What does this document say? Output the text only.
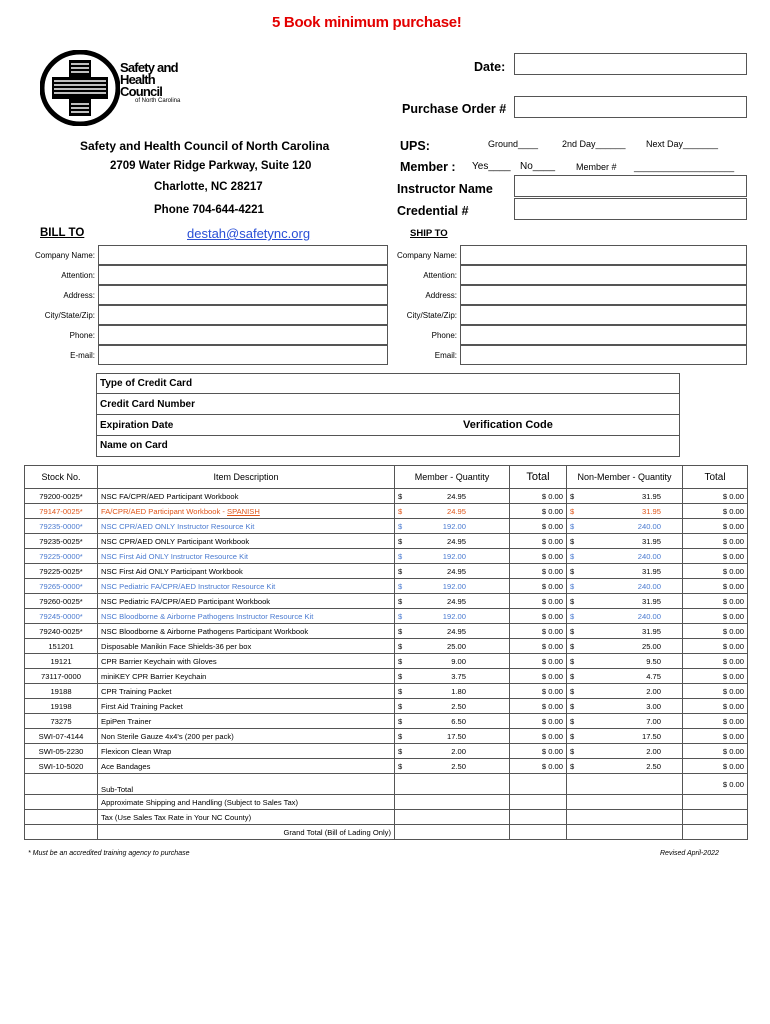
5 Book minimum purchase!
Safety and
Health
Council
of North Carolina
Date:
Purchase Order #
Safety and Health Council of North Carolina
2709 Water Ridge Parkway, Suite 120
Charlotte, NC 28217
Phone 704-644-4221
destah@safetync.org
UPS:	Ground____	2nd Day______ Next Day_______
Member : Yes____ No____ Member # ____________________
Instructor Name
Credential #
BILL TO	SHIP TO
Company Name:
Attention:
Address:
City/State/Zip:
Phone:
E-mail:
Company Name:
Attention:
Address:
City/State/Zip:
Phone:
Email:
Type of Credit Card
Credit Card Number
Expiration Date	Verification Code
Name on Card
Stock No.	Item Description	Member - Quantity	Total	Non-Member - Quantity	Total
79200-0025*	NSC FA/CPR/AED Participant Workbook	$ 24.95	$ 0.00	$ 31.95	$ 0.00
79147-0025*	FA/CPR/AED Participant Workbook - SPANISH	$ 24.95	$ 0.00	$ 31.95	$ 0.00
79235-0000*	NSC CPR/AED ONLY Instructor Resource Kit	$ 192.00	$ 0.00	$ 240.00	$ 0.00
79235-0025*	NSC CPR/AED ONLY Participant Workbook	$ 24.95	$ 0.00	$ 31.95	$ 0.00
79225-0000*	NSC First Aid ONLY Instructor Resource Kit	$ 192.00	$ 0.00	$ 240.00	$ 0.00
79225-0025*	NSC First Aid ONLY Participant Workbook	$ 24.95	$ 0.00	$ 31.95	$ 0.00
79265-0000*	NSC Pediatric FA/CPR/AED Instructor Resource Kit	$ 192.00	$ 0.00	$ 240.00	$ 0.00
79260-0025*	NSC Pediatric FA/CPR/AED Participant Workbook	$ 24.95	$ 0.00	$ 31.95	$ 0.00
79245-0000*	NSC Bloodborne & Airborne Pathogens Instructor Resource Kit	$ 192.00	$ 0.00	$ 240.00	$ 0.00
79240-0025*	NSC Bloodborne & Airborne Pathogens Participant Workbook	$ 24.95	$ 0.00	$ 31.95	$ 0.00
151201	Disposable Manikin Face Shields-36 per box	$ 25.00	$ 0.00	$ 25.00	$ 0.00
19121	CPR Barrier Keychain with Gloves	$ 9.00	$ 0.00	$ 9.50	$ 0.00
73117-0000	miniKEY CPR Barrier Keychain	$ 3.75	$ 0.00	$ 4.75	$ 0.00
19188	CPR Training Packet	$ 1.80	$ 0.00	$ 2.00	$ 0.00
19198	First Aid Training Packet	$ 2.50	$ 0.00	$ 3.00	$ 0.00
73275	EpiPen Trainer	$ 6.50	$ 0.00	$ 7.00	$ 0.00
SWI-07-4144	Non Sterile Gauze 4x4's (200 per pack)	$ 17.50	$ 0.00	$ 17.50	$ 0.00
SWI-05-2230	Flexicon Clean Wrap	$ 2.00	$ 0.00	$ 2.00	$ 0.00
SWI-10-5020	Ace Bandages	$ 2.50	$ 0.00	$ 2.50	$ 0.00
	Sub-Total				$ 0.00
	Approximate Shipping and Handling (Subject to Sales Tax)				
	Tax (Use Sales Tax Rate in Your NC County)				
	Grand Total (Bill of Lading Only)				
* Must be an accredited training agency to purchase	Revised April-2022
